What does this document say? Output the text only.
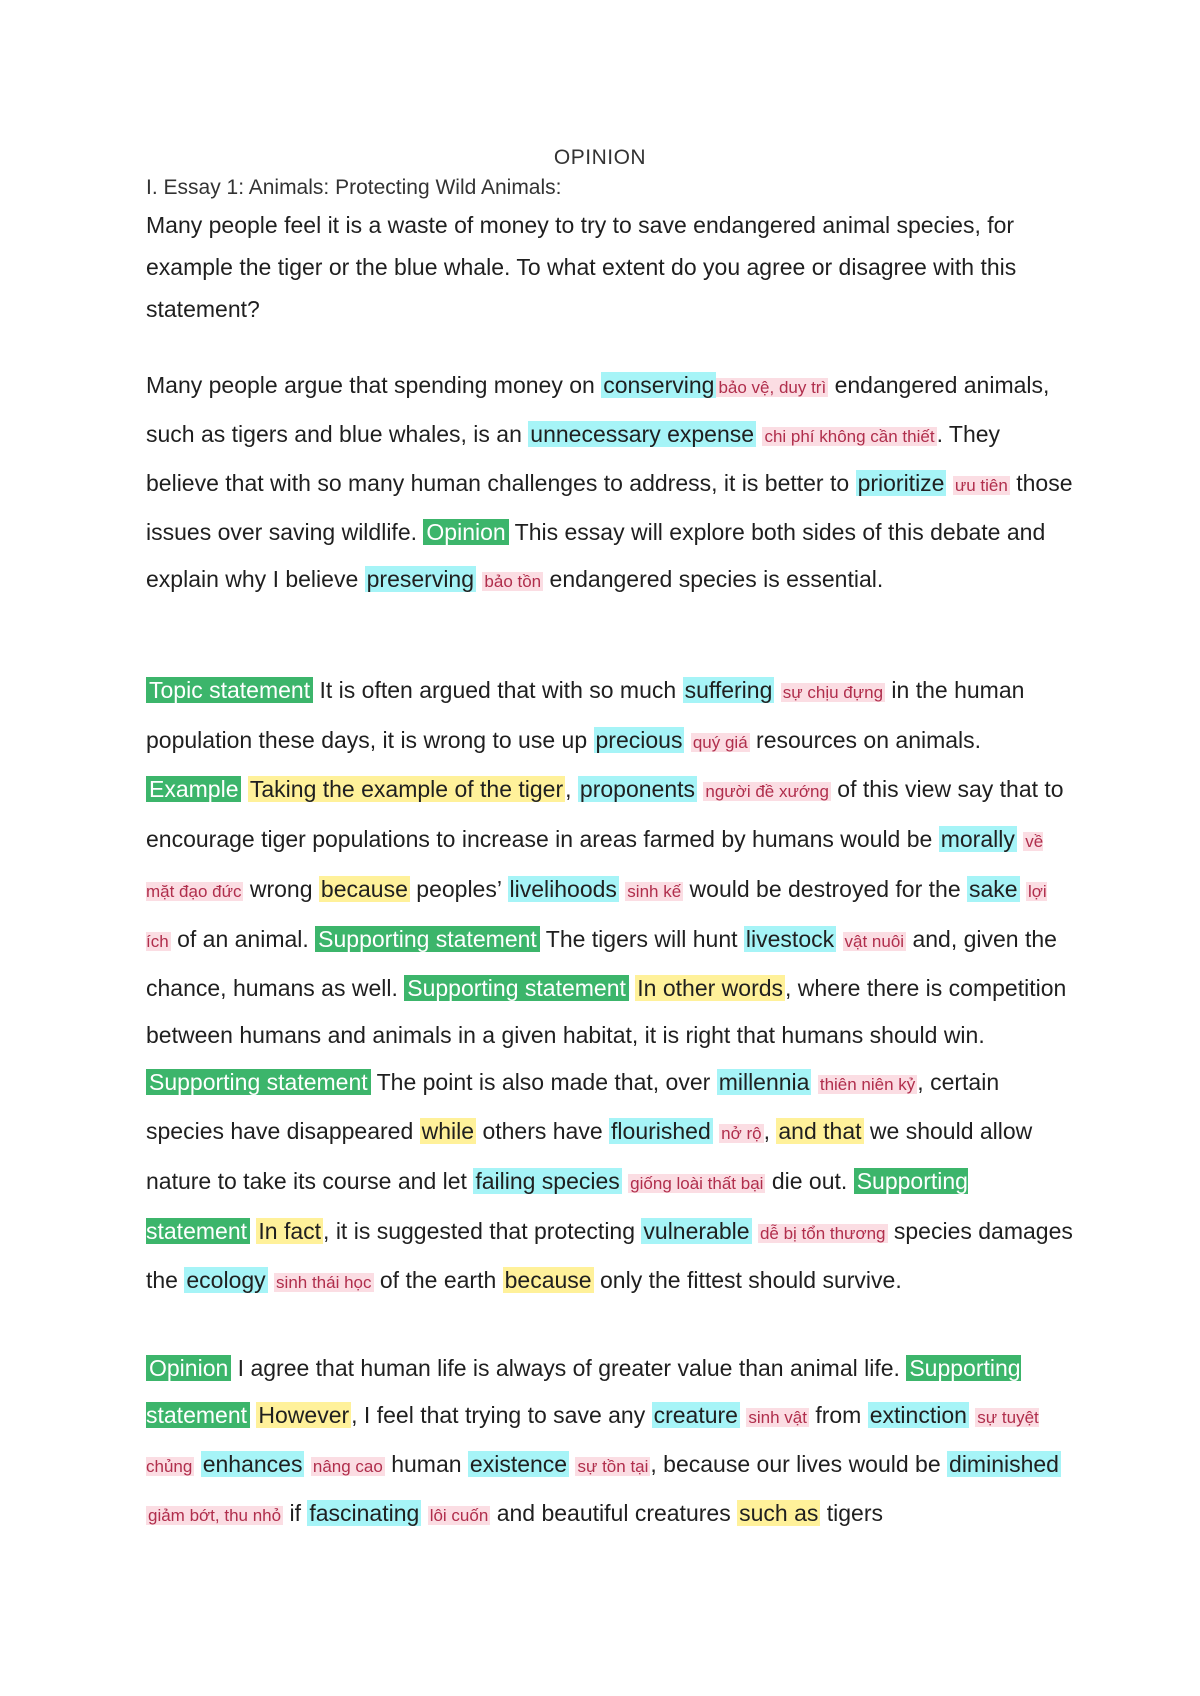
OPINION
I. Essay 1: Animals: Protecting Wild Animals:
Many people feel it is a waste of money to try to save endangered animal species, for example the tiger or the blue whale. To what extent do you agree or disagree with this statement?
Many people argue that spending money on conserving bảo vệ, duy trì endangered animals, such as tigers and blue whales, is an unnecessary expense chi phí không cần thiết. They believe that with so many human challenges to address, it is better to prioritize ưu tiên those issues over saving wildlife. Opinion This essay will explore both sides of this debate and explain why I believe preserving bảo tồn endangered species is essential.
Topic statement It is often argued that with so much suffering sự chịu đựng in the human population these days, it is wrong to use up precious quý giá resources on animals. Example Taking the example of the tiger, proponents người đề xướng of this view say that to encourage tiger populations to increase in areas farmed by humans would be morally về mặt đạo đức wrong because peoples’ livelihoods sinh kế would be destroyed for the sake lợi ích of an animal. Supporting statement The tigers will hunt livestock vật nuôi and, given the chance, humans as well. Supporting statement In other words, where there is competition between humans and animals in a given habitat, it is right that humans should win. Supporting statement The point is also made that, over millennia thiên niên kỷ, certain species have disappeared while others have flourished nở rộ, and that we should allow nature to take its course and let failing species giống loài thất bại die out. Supporting statement In fact, it is suggested that protecting vulnerable dễ bị tổn thương species damages the ecology sinh thái học of the earth because only the fittest should survive.
Opinion I agree that human life is always of greater value than animal life. Supporting statement However, I feel that trying to save any creature sinh vật from extinction sự tuyệt chủng enhances nâng cao human existence sự tồn tại, because our lives would be diminished giảm bớt, thu nhỏ if fascinating lôi cuốn and beautiful creatures such as tigers
